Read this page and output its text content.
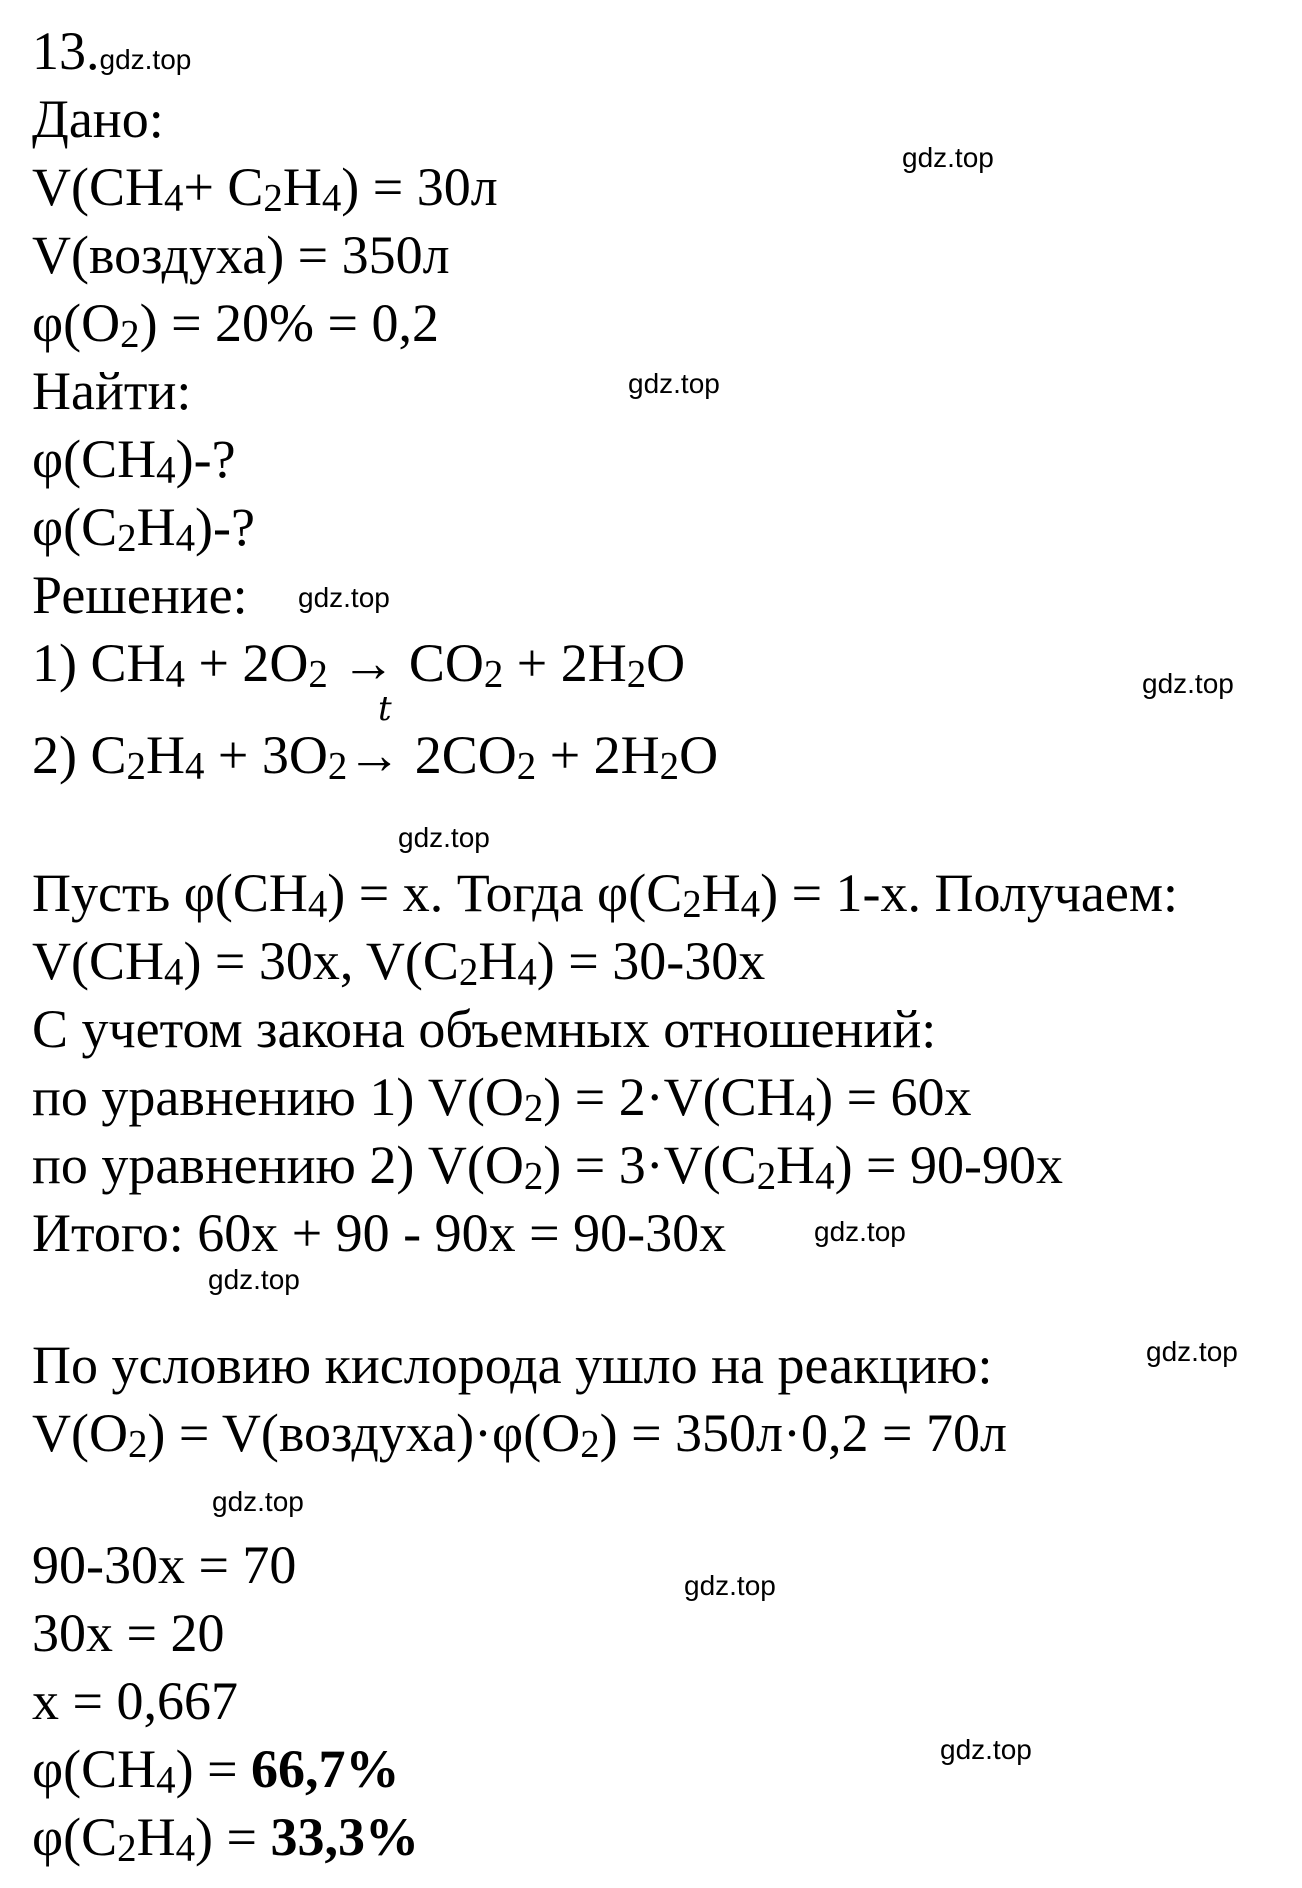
13.gdz.top
Дано:
$V(CH_4+ C_2H_4) = 30л$
V(воздуха) = 350л
$\varphi(O_2) = 20\% = 0,2$
Найти:
$\varphi(CH_4)-$?
$\varphi(C_2H_4)-$?
Решение:
1) $CH_4 + 2O_2 \to CO_2 + 2H_2O$
t
2) $C_2H_4 + 3O_2\to 2CO_2 + 2H_2O$
Пусть $\varphi(CH_4) = x$. Тогда $\varphi(C_2H_4) = 1-x$. Получаем:
$V(CH_4) = 30x$, $V(C_2H_4) = 30-30x$
С учетом закона объемных отношений:
по уравнению 1) $V(O_2) = 2\cdot V(CH_4) = 60x$
по уравнению 2) $V(O_2) = 3\cdot V(C_2H_4) = 90-90x$
Итого: 60x + 90 - 90x = 90-30x
По условию кислорода ушло на реакцию:
$V(O_2)$ = $V(воздуха)\cdot\varphi(O_2) = 350л\cdot 0,2 = 70л$
90-30x = 70
30x = 20
x = 0,667
$\varphi(CH_4) = 66,7\%$
$\varphi(C_2H_4) = 33,3\%$
gdz.top
gdz.top
gdz.top
gdz.top
gdz.top
gdz.top
gdz.top
gdz.top
gdz.top
gdz.top
gdz.top
